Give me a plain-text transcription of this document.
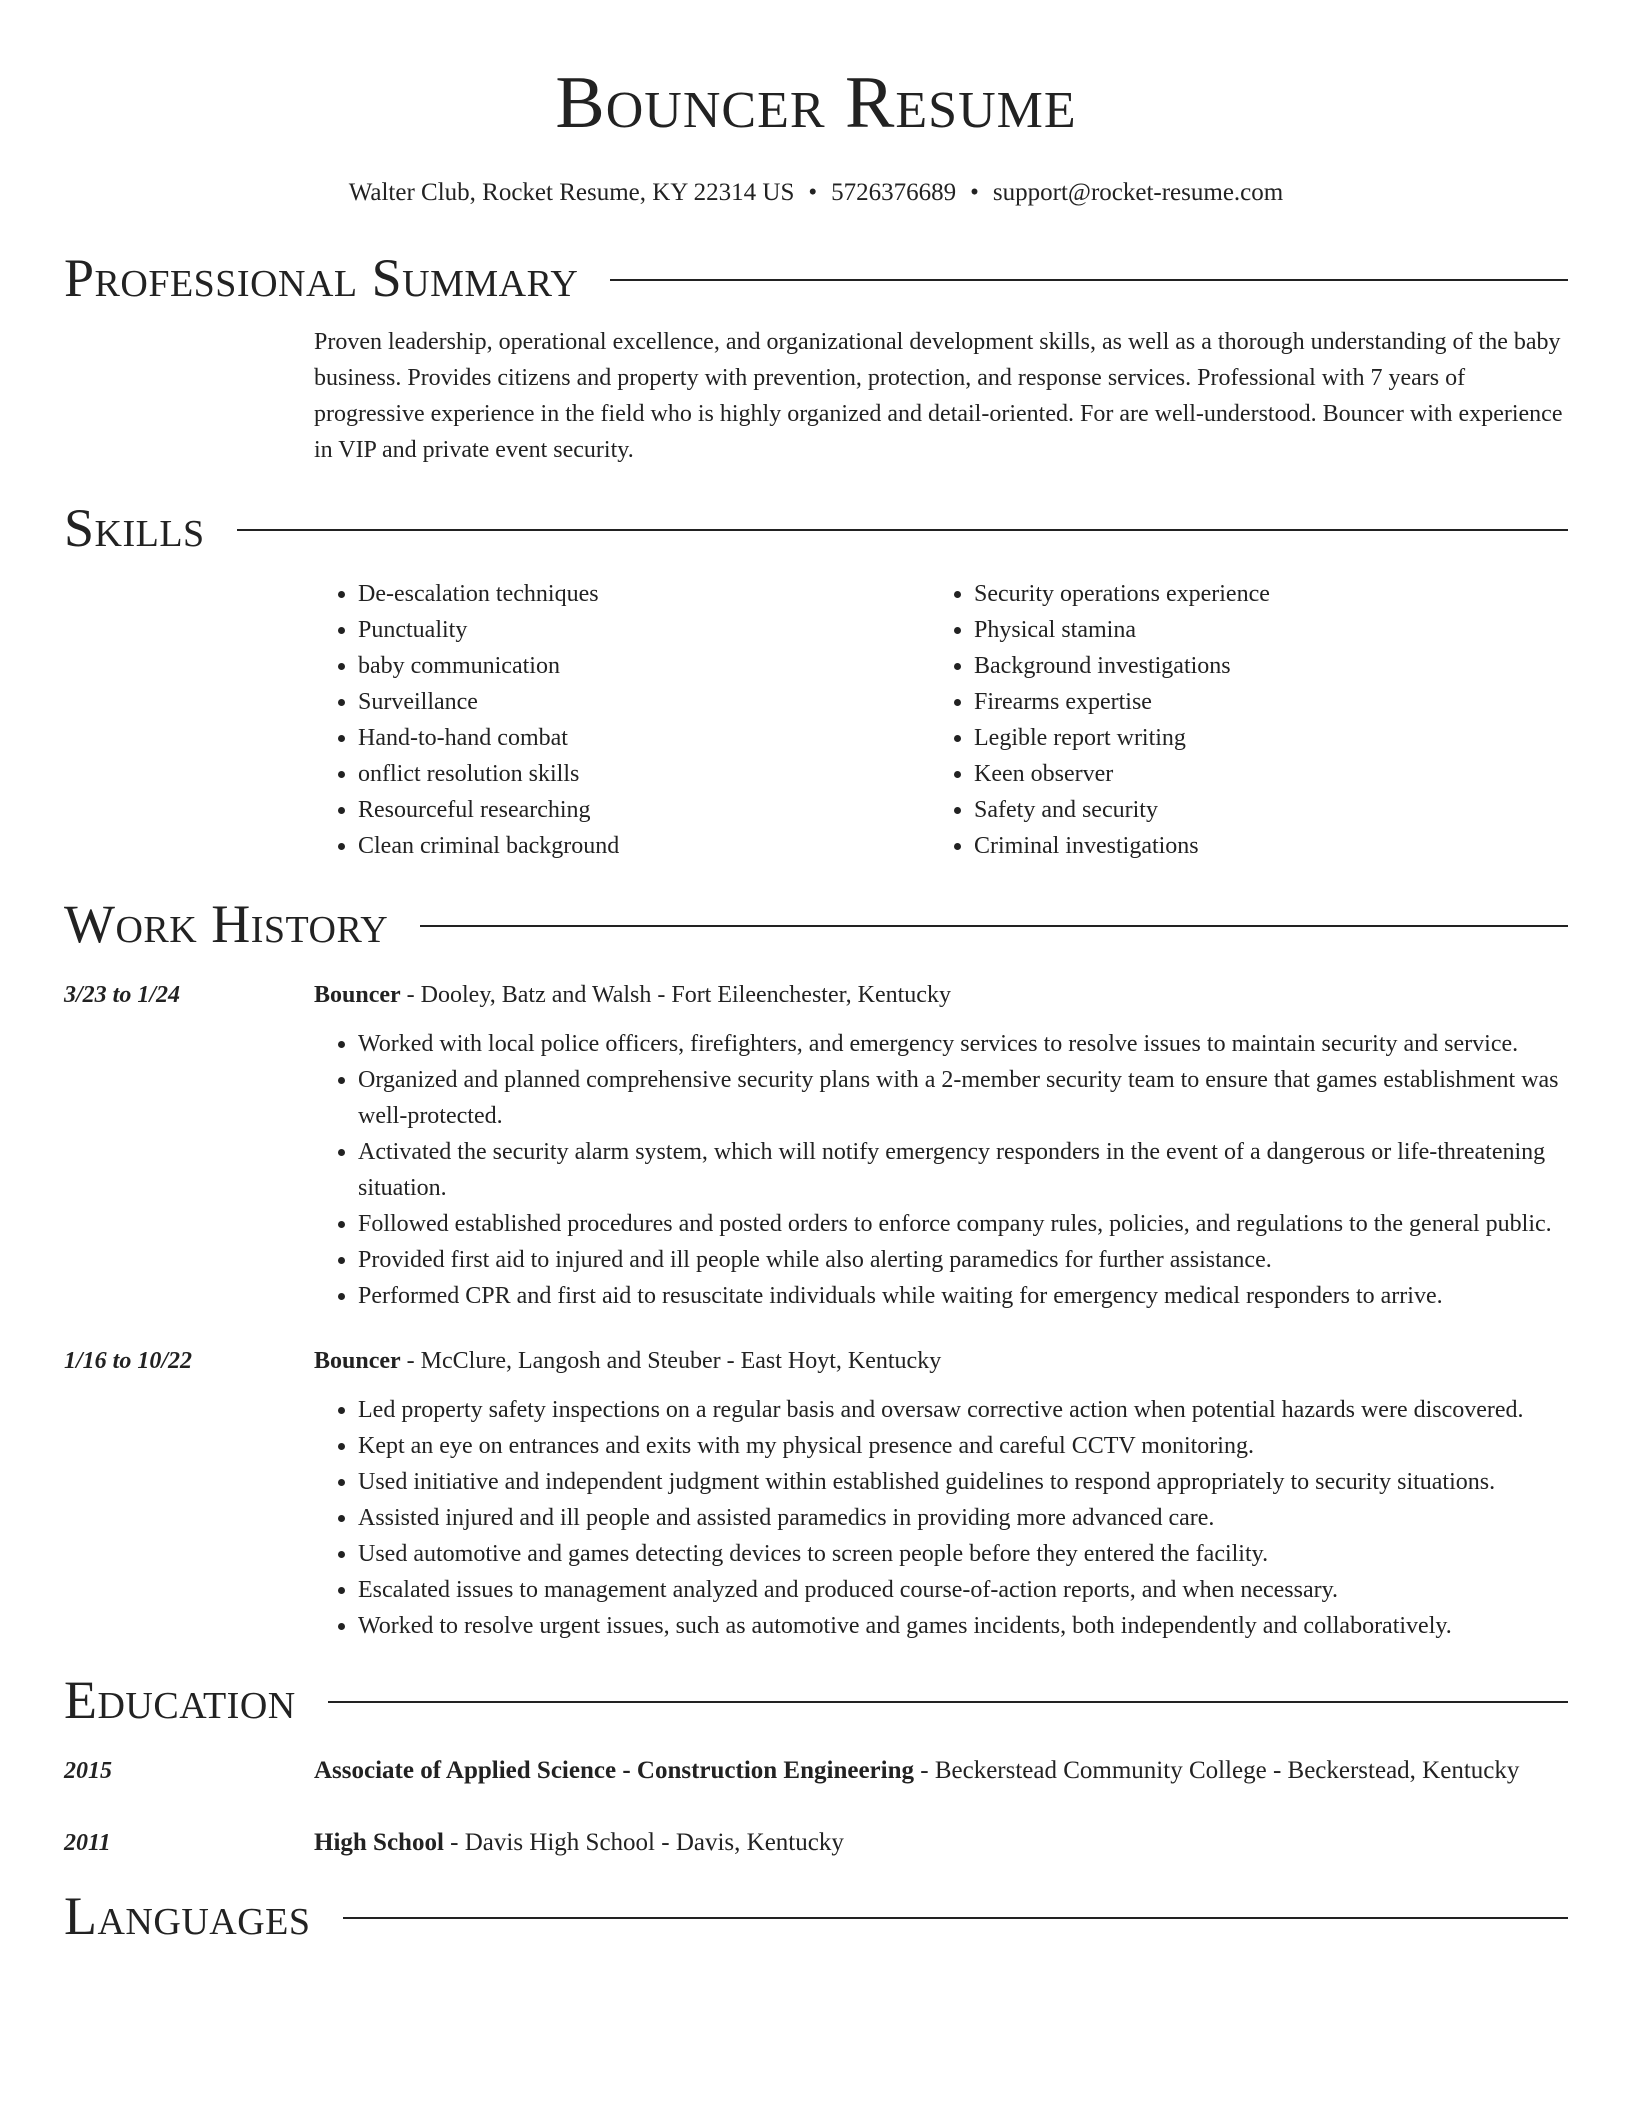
Bouncer Resume
Walter Club, Rocket Resume, KY 22314 US • 5726376689 • support@rocket-resume.com
Professional Summary
Proven leadership, operational excellence, and organizational development skills, as well as a thorough understanding of the baby business. Provides citizens and property with prevention, protection, and response services. Professional with 7 years of progressive experience in the field who is highly organized and detail-oriented. For are well-understood. Bouncer with experience in VIP and private event security.
Skills
• De-escalation techniques
• Punctuality
• baby communication
• Surveillance
• Hand-to-hand combat
• onflict resolution skills
• Resourceful researching
• Clean criminal background
• Security operations experience
• Physical stamina
• Background investigations
• Firearms expertise
• Legible report writing
• Keen observer
• Safety and security
• Criminal investigations
Work History
3/23 to 1/24	Bouncer - Dooley, Batz and Walsh - Fort Eileenchester, Kentucky
• Worked with local police officers, firefighters, and emergency services to resolve issues to maintain security and service.
• Organized and planned comprehensive security plans with a 2-member security team to ensure that games establishment was well-protected.
• Activated the security alarm system, which will notify emergency responders in the event of a dangerous or life-threatening situation.
• Followed established procedures and posted orders to enforce company rules, policies, and regulations to the general public.
• Provided first aid to injured and ill people while also alerting paramedics for further assistance.
• Performed CPR and first aid to resuscitate individuals while waiting for emergency medical responders to arrive.
1/16 to 10/22	Bouncer - McClure, Langosh and Steuber - East Hoyt, Kentucky
• Led property safety inspections on a regular basis and oversaw corrective action when potential hazards were discovered.
• Kept an eye on entrances and exits with my physical presence and careful CCTV monitoring.
• Used initiative and independent judgment within established guidelines to respond appropriately to security situations.
• Assisted injured and ill people and assisted paramedics in providing more advanced care.
• Used automotive and games detecting devices to screen people before they entered the facility.
• Escalated issues to management analyzed and produced course-of-action reports, and when necessary.
• Worked to resolve urgent issues, such as automotive and games incidents, both independently and collaboratively.
Education
2015	Associate of Applied Science - Construction Engineering - Beckerstead Community College - Beckerstead, Kentucky
2011	High School - Davis High School - Davis, Kentucky
Languages
